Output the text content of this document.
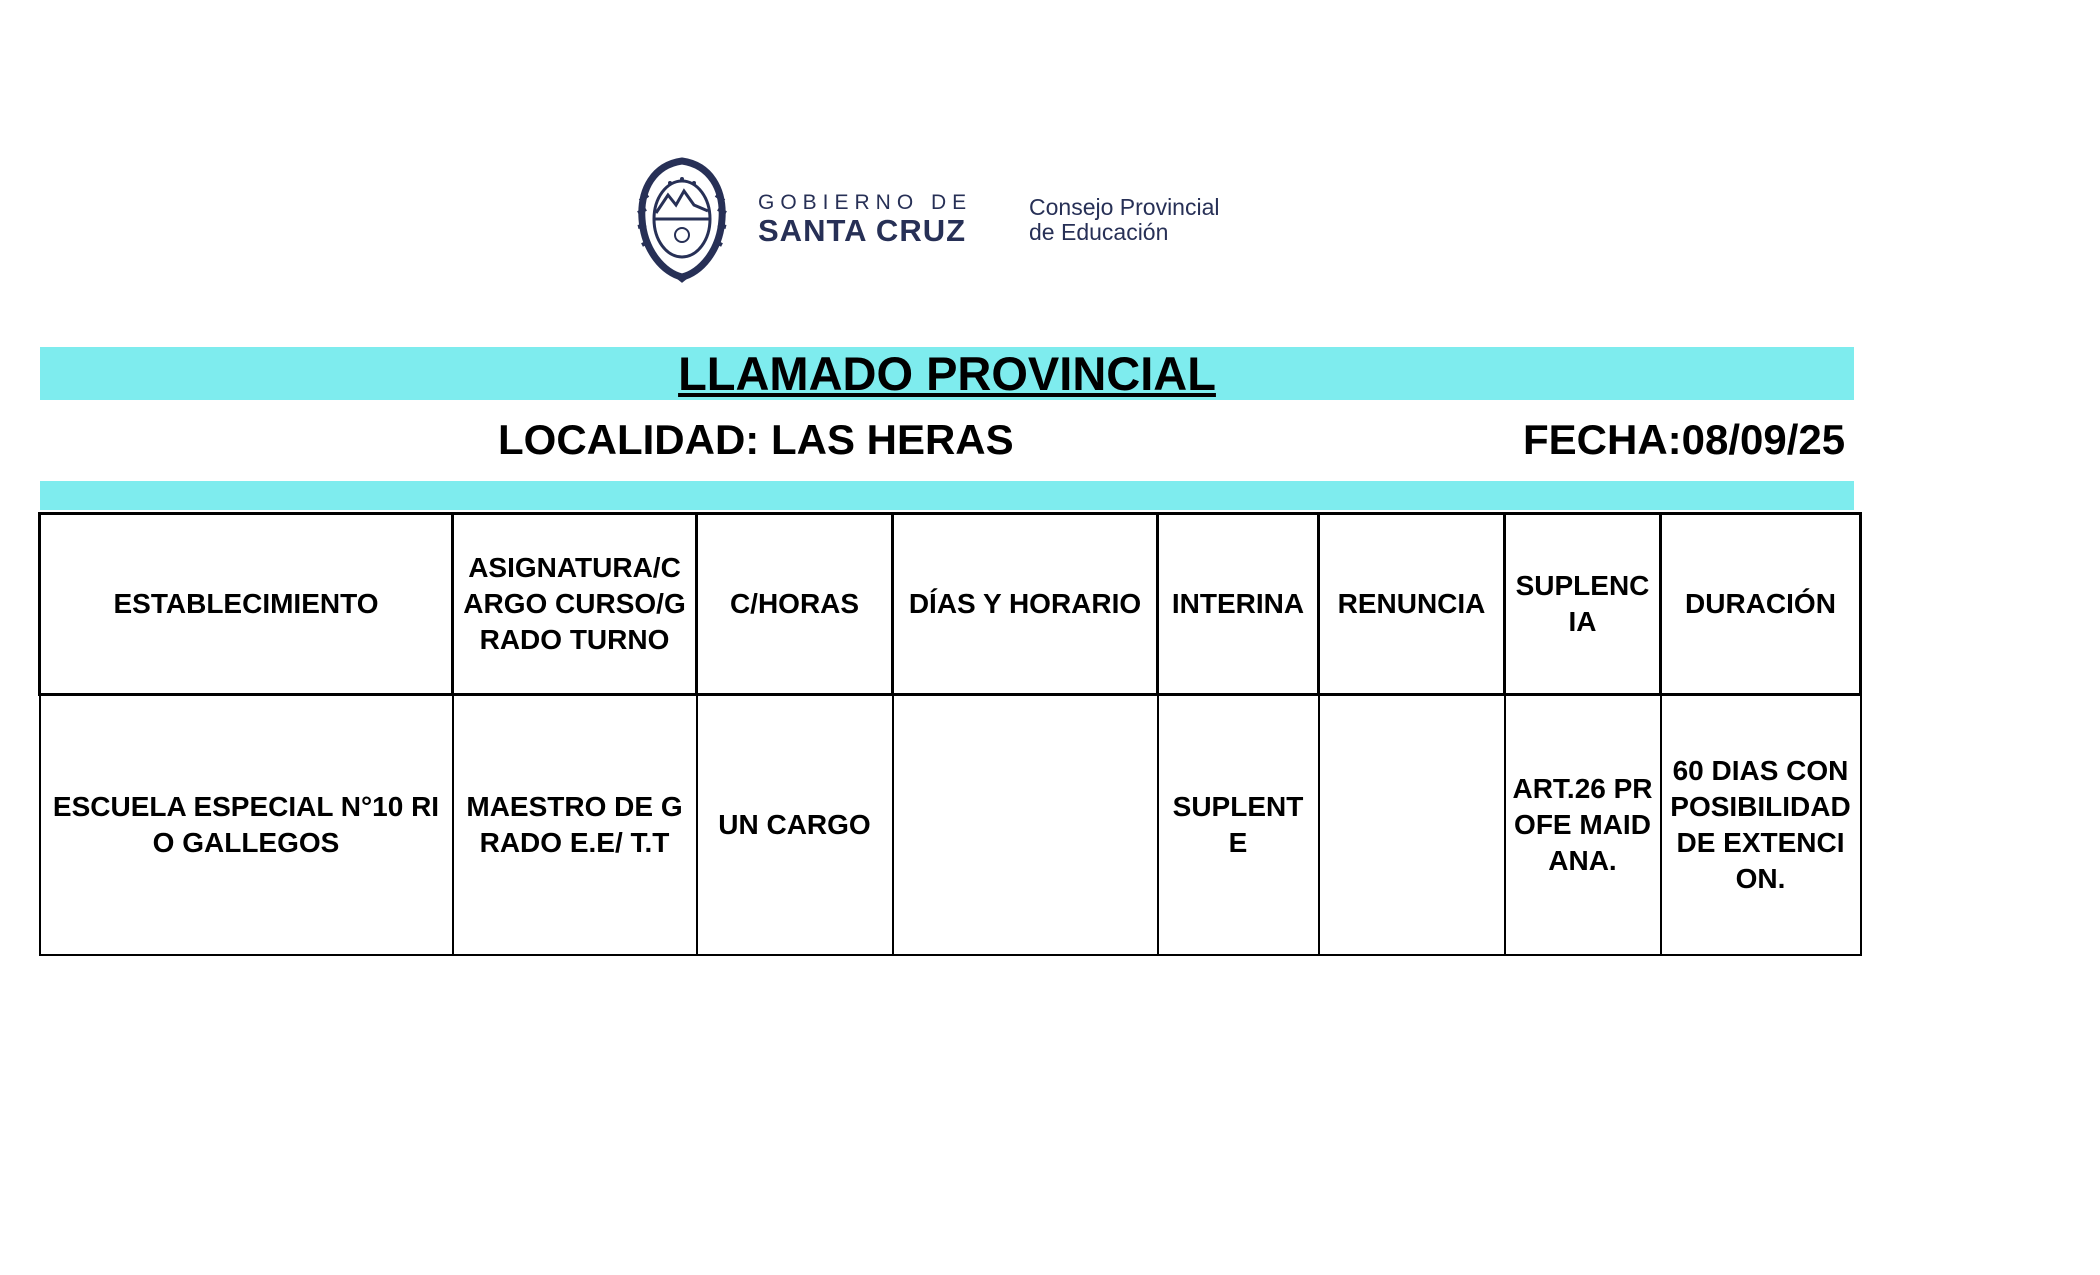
GOBIERNO DE
SANTA CRUZ
Consejo Provincial
de Educación
LLAMADO PROVINCIAL
LOCALIDAD: LAS HERAS	FECHA:08/09/25
ESTABLECIMIENTO	ASIGNATURA/CARGO CURSO/GRADO TURNO	C/HORAS	DÍAS Y HORARIO	INTERINA	RENUNCIA	SUPLENCIA	DURACIÓN
ESCUELA ESPECIAL N°10 RIO GALLEGOS	MAESTRO DE GRADO E.E/ T.T	UN CARGO		SUPLENTE		ART.26 PROFE MAIDANA.	60 DIAS CON POSIBILIDAD DE EXTENCION.
